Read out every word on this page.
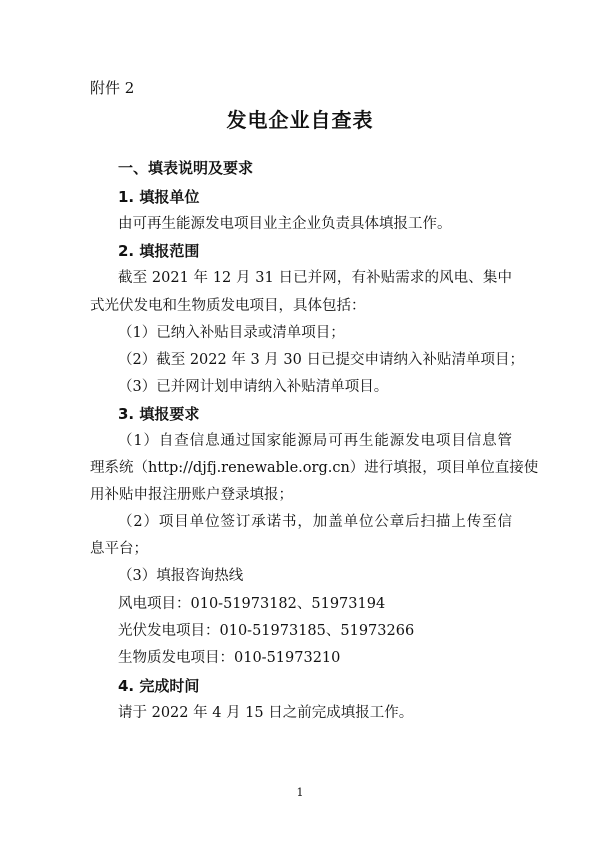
附件 2
发电企业自查表
一、填表说明及要求
1. 填报单位
由可再生能源发电项目业主企业负责具体填报工作。
2. 填报范围
截至 2021 年 12 月 31 日已并网，有补贴需求的风电、集中
式光伏发电和生物质发电项目，具体包括：
（1）已纳入补贴目录或清单项目；
（2）截至 2022 年 3 月 30 日已提交申请纳入补贴清单项目；
（3）已并网计划申请纳入补贴清单项目。
3. 填报要求
（1）自查信息通过国家能源局可再生能源发电项目信息管
理系统（http://djfj.renewable.org.cn）进行填报，项目单位直接使
用补贴申报注册账户登录填报；
（2）项目单位签订承诺书，加盖单位公章后扫描上传至信
息平台；
（3）填报咨询热线
风电项目：010-51973182、51973194
光伏发电项目：010-51973185、51973266
生物质发电项目：010-51973210
4. 完成时间
请于 2022 年 4 月 15 日之前完成填报工作。
1
